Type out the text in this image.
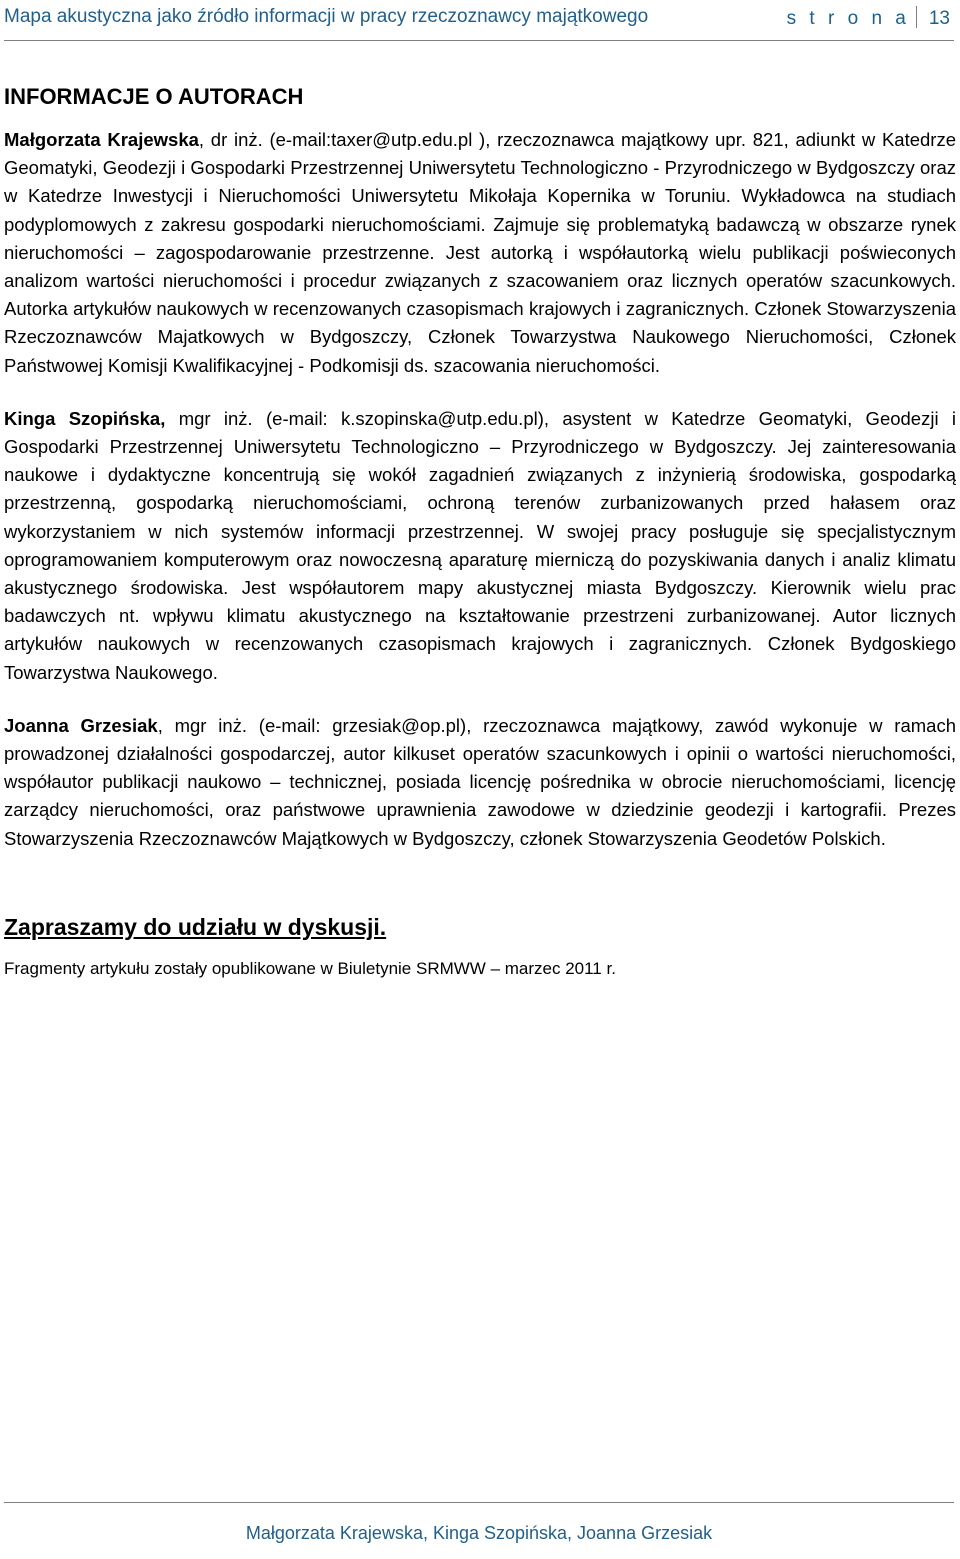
Mapa akustyczna jako źródło informacji w pracy rzeczoznawcy majątkowego	s t r o n a 13
INFORMACJE O AUTORACH

Małgorzata Krajewska, dr inż. (e-mail:taxer@utp.edu.pl ), rzeczoznawca majątkowy upr. 821, adiunkt w Katedrze Geomatyki, Geodezji i Gospodarki Przestrzennej Uniwersytetu Technologiczno - Przyrodniczego w Bydgoszczy oraz w Katedrze Inwestycji i Nieruchomości Uniwersytetu Mikołaja Kopernika w Toruniu. Wykładowca na studiach podyplomowych z zakresu gospodarki nieruchomościami. Zajmuje się problematyką badawczą w obszarze rynek nieruchomości – zagospodarowanie przestrzenne. Jest autorką i współautorką wielu publikacji poświeconych analizom wartości nieruchomości i procedur związanych z szacowaniem oraz licznych operatów szacunkowych. Autorka artykułów naukowych w recenzowanych czasopismach krajowych i zagranicznych. Członek Stowarzyszenia Rzeczoznawców Majatkowych w Bydgoszczy, Członek Towarzystwa Naukowego Nieruchomości, Członek Państwowej Komisji Kwalifikacyjnej - Podkomisji ds. szacowania nieruchomości.

Kinga Szopińska, mgr inż. (e-mail: k.szopinska@utp.edu.pl), asystent w Katedrze Geomatyki, Geodezji i Gospodarki Przestrzennej Uniwersytetu Technologiczno – Przyrodniczego w Bydgoszczy. Jej zainteresowania naukowe i dydaktyczne koncentrują się wokół zagadnień związanych z inżynierią środowiska, gospodarką przestrzenną, gospodarką nieruchomościami, ochroną terenów zurbanizowanych przed hałasem oraz wykorzystaniem w nich systemów informacji przestrzennej. W swojej pracy posługuje się specjalistycznym oprogramowaniem komputerowym oraz nowoczesną aparaturę mierniczą do pozyskiwania danych i analiz klimatu akustycznego środowiska. Jest współautorem mapy akustycznej miasta Bydgoszczy. Kierownik wielu prac badawczych nt. wpływu klimatu akustycznego na kształtowanie przestrzeni zurbanizowanej. Autor licznych artykułów naukowych w recenzowanych czasopismach krajowych i zagranicznych. Członek Bydgoskiego Towarzystwa Naukowego.

Joanna Grzesiak, mgr inż. (e-mail: grzesiak@op.pl), rzeczoznawca majątkowy, zawód wykonuje w ramach prowadzonej działalności gospodarczej, autor kilkuset operatów szacunkowych i opinii o wartości nieruchomości, współautor publikacji naukowo – technicznej, posiada licencję pośrednika w obrocie nieruchomościami, licencję zarządcy nieruchomości, oraz państwowe uprawnienia zawodowe w dziedzinie geodezji i kartografii. Prezes Stowarzyszenia Rzeczoznawców Majątkowych w Bydgoszczy, członek Stowarzyszenia Geodetów Polskich.

Zapraszamy do udziału w dyskusji.
Fragmenty artykułu zostały opublikowane w Biuletynie SRMWW – marzec 2011 r.
Małgorzata Krajewska, Kinga Szopińska, Joanna Grzesiak
